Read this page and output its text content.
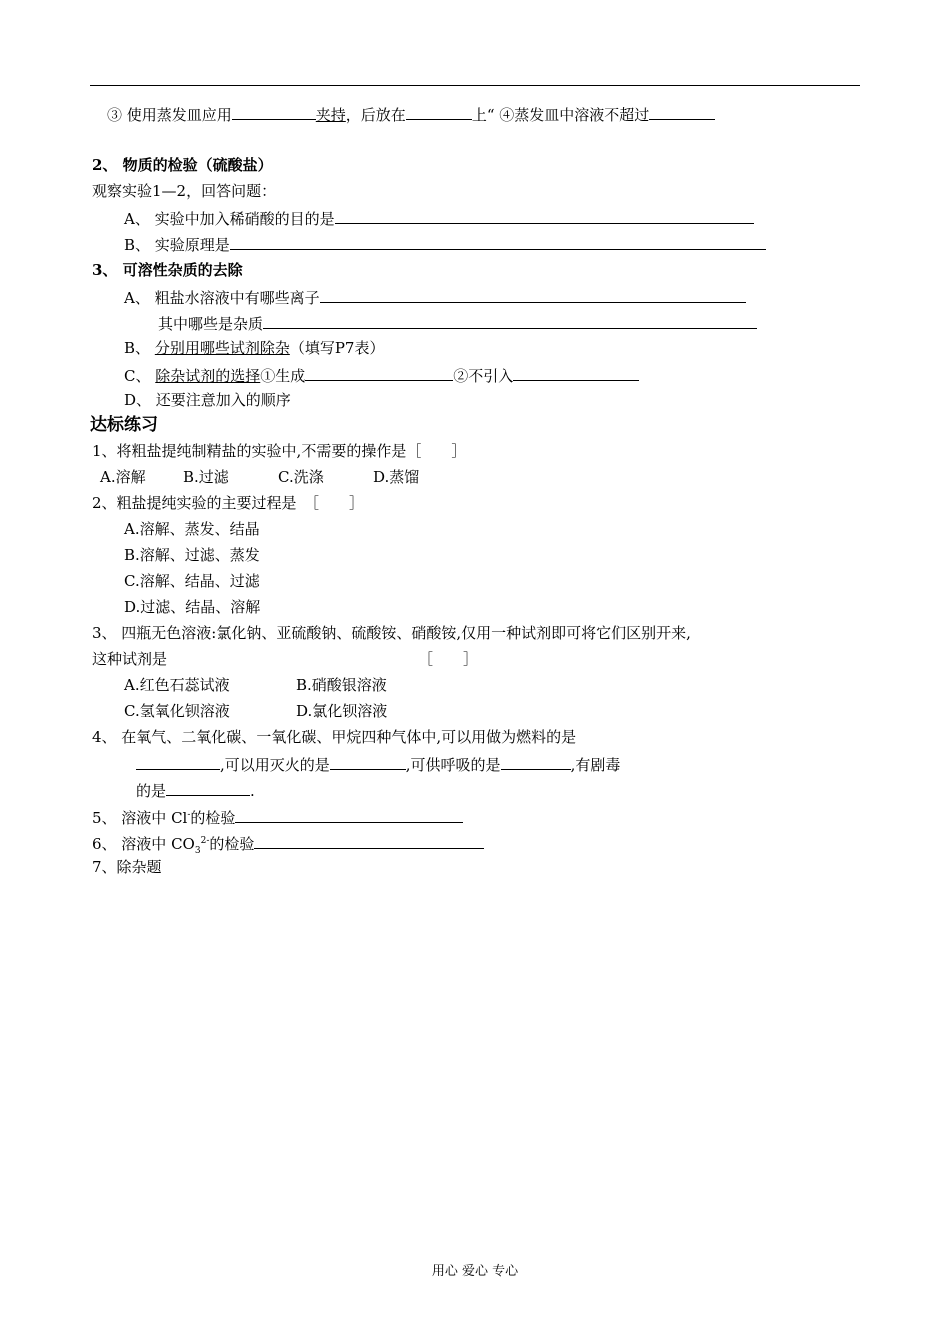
③ 使用蒸发皿应用	夹持，后放在	上“ ④蒸发皿中溶液不超过
2、 物质的检验（硫酸盐）
观察实验1—2，回答问题：
A、 实验中加入稀硝酸的目的是
B、 实验原理是
3、 可溶性杂质的去除
A、 粗盐水溶液中有哪些离子
其中哪些是杂质
B、 分别用哪些试剂除杂（填写P7表）
C、 除杂试剂的选择①生成	②不引入
D、 还要注意加入的顺序
达标练习
1、将粗盐提纯制精盐的实验中,不需要的操作是［　　］
A.溶解 B.过滤	C.洗涤	D.蒸馏
2、粗盐提纯实验的主要过程是　［　　］
A.溶解、蒸发、结晶
B.溶解、过滤、蒸发
C.溶解、结晶、过滤
D.过滤、结晶、溶解
3、 四瓶无色溶液:氯化钠、亚硫酸钠、硫酸铵、硝酸铵,仅用一种试剂即可将它们区别开来,
这种试剂是	［　　］
A.红色石蕊试液	B.硝酸银溶液
C.氢氧化钡溶液	D.氯化钡溶液
4、 在氧气、二氧化碳、一氧化碳、甲烷四种气体中,可以用做为燃料的是
,可以用灭火的是	,可供呼吸的是	,有剧毒
的是	.
5、 溶液中 Cl-的检验
6、 溶液中 $CO_3^{2-}$的检验
7、除杂题
用心 爱心 专心
